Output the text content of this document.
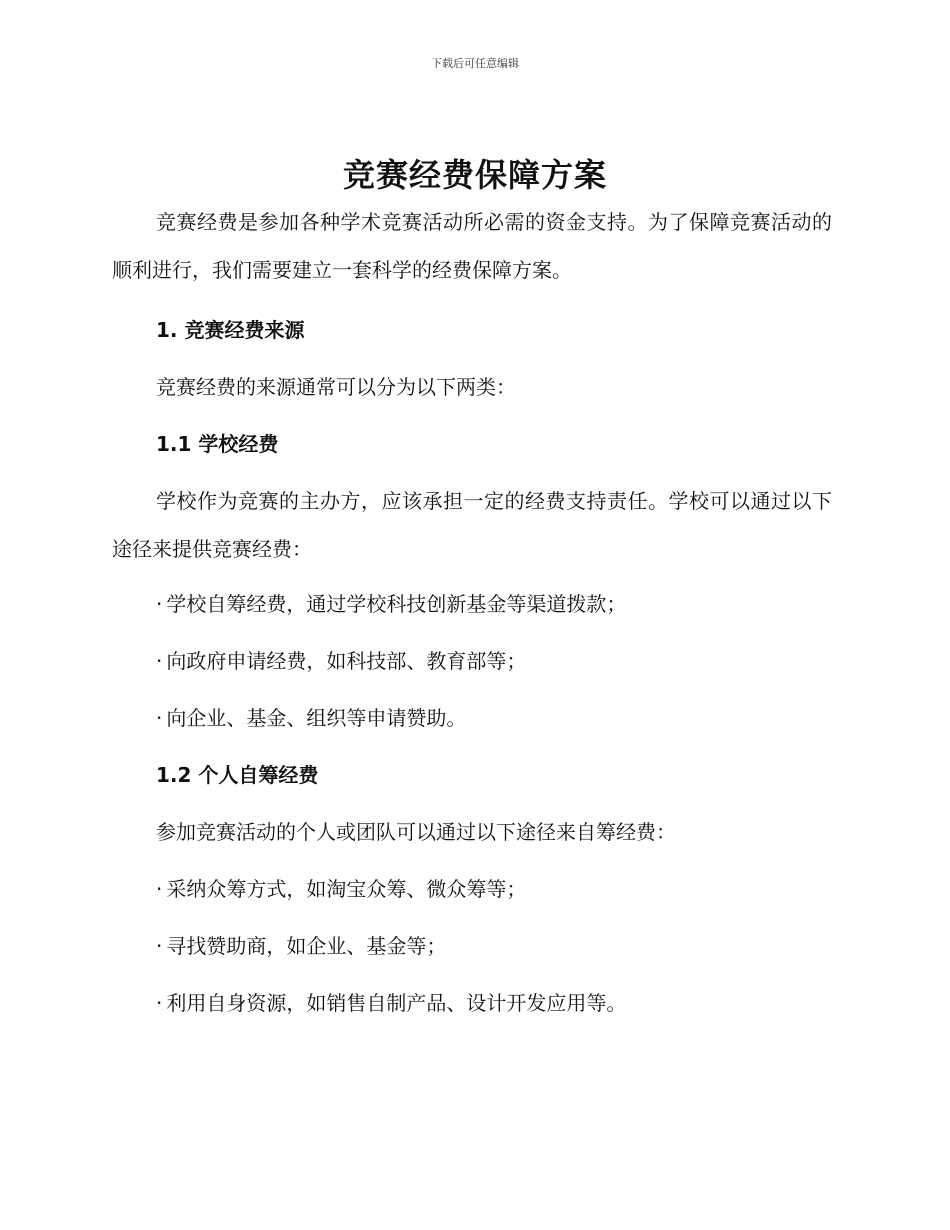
下载后可任意编辑
竞赛经费保障方案

竞赛经费是参加各种学术竞赛活动所必需的资金支持。为了保障竞赛活动的顺利进行，我们需要建立一套科学的经费保障方案。

1. 竞赛经费来源

竞赛经费的来源通常可以分为以下两类：

1.1 学校经费

学校作为竞赛的主办方，应该承担一定的经费支持责任。学校可以通过以下途径来提供竞赛经费：

· 学校自筹经费，通过学校科技创新基金等渠道拨款；

· 向政府申请经费，如科技部、教育部等；

· 向企业、基金、组织等申请赞助。

1.2 个人自筹经费

参加竞赛活动的个人或团队可以通过以下途径来自筹经费：

· 采纳众筹方式，如淘宝众筹、微众筹等；

· 寻找赞助商，如企业、基金等；

· 利用自身资源，如销售自制产品、设计开发应用等。
